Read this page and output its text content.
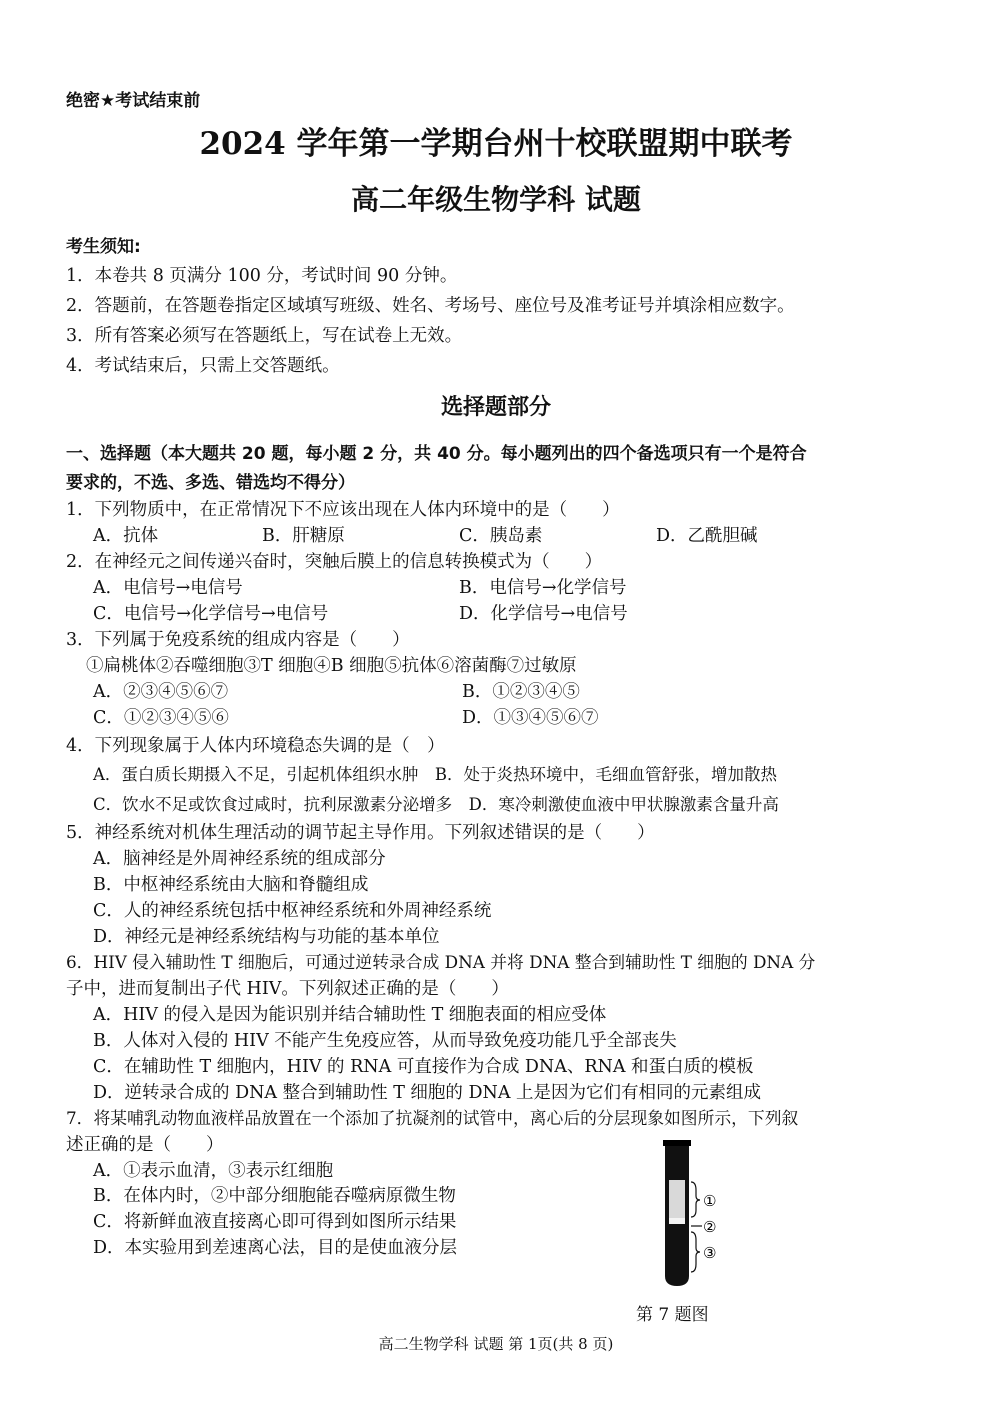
绝密★考试结束前
2024 学年第一学期台州十校联盟期中联考
高二年级生物学科 试题
考生须知:
1．本卷共 8 页满分 100 分，考试时间 90 分钟。
2．答题前，在答题卷指定区域填写班级、姓名、考场号、座位号及准考证号并填涂相应数字。
3．所有答案必须写在答题纸上，写在试卷上无效。
4．考试结束后，只需上交答题纸。
选择题部分
一、选择题（本大题共 20 题，每小题 2 分，共 40 分。每小题列出的四个备选项只有一个是符合
要求的，不选、多选、错选均不得分）
1．下列物质中，在正常情况下不应该出现在人体内环境中的是（　　）
A．抗体	B．肝糖原	C．胰岛素	D．乙酰胆碱
2．在神经元之间传递兴奋时，突触后膜上的信息转换模式为（　　）
A．电信号→电信号	B．电信号→化学信号
C．电信号→化学信号→电信号	D．化学信号→电信号
3．下列属于免疫系统的组成内容是（　　）
①扁桃体②吞噬细胞③T 细胞④B 细胞⑤抗体⑥溶菌酶⑦过敏原
A．②③④⑤⑥⑦	B．①②③④⑤
C．①②③④⑤⑥	D．①③④⑤⑥⑦
4．下列现象属于人体内环境稳态失调的是（　）
A．蛋白质长期摄入不足，引起机体组织水肿　B．处于炎热环境中，毛细血管舒张，增加散热
C．饮水不足或饮食过咸时，抗利尿激素分泌增多　D．寒冷刺激使血液中甲状腺激素含量升高
5．神经系统对机体生理活动的调节起主导作用。下列叙述错误的是（　　）
A．脑神经是外周神经系统的组成部分
B．中枢神经系统由大脑和脊髓组成
C．人的神经系统包括中枢神经系统和外周神经系统
D．神经元是神经系统结构与功能的基本单位
6．HIV 侵入辅助性 T 细胞后，可通过逆转录合成 DNA 并将 DNA 整合到辅助性 T 细胞的 DNA 分
子中，进而复制出子代 HIV。下列叙述正确的是（　　）
A．HIV 的侵入是因为能识别并结合辅助性 T 细胞表面的相应受体
B．人体对入侵的 HIV 不能产生免疫应答，从而导致免疫功能几乎全部丧失
C．在辅助性 T 细胞内，HIV 的 RNA 可直接作为合成 DNA、RNA 和蛋白质的模板
D．逆转录合成的 DNA 整合到辅助性 T 细胞的 DNA 上是因为它们有相同的元素组成
7．将某哺乳动物血液样品放置在一个添加了抗凝剂的试管中，离心后的分层现象如图所示，下列叙
述正确的是（　　）
A．①表示血清，③表示红细胞
B．在体内时，②中部分细胞能吞噬病原微生物
C．将新鲜血液直接离心即可得到如图所示结果
D．本实验用到差速离心法，目的是使血液分层
①
②
③
第 7 题图
高二生物学科 试题 第 1页(共 8 页)
